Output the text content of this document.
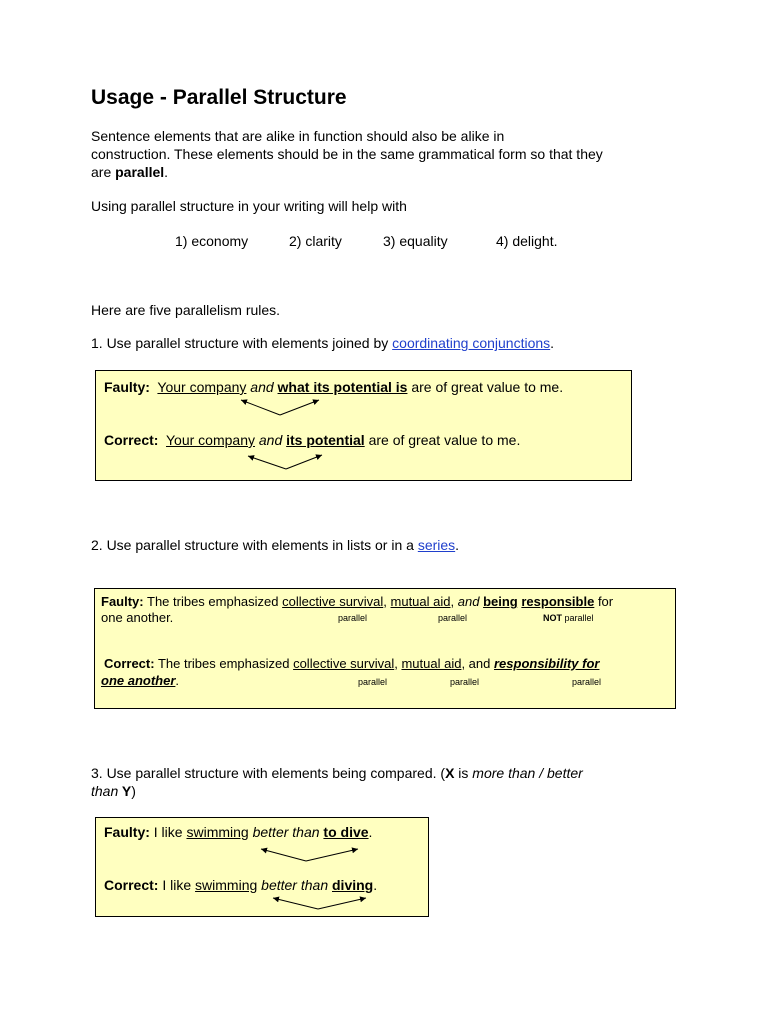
Usage - Parallel Structure
Sentence elements that are alike in function should also be alike in
construction. These elements should be in the same grammatical form so that they
are parallel.
Using parallel structure in your writing will help with
1) economy	2) clarity	3) equality	4) delight.
Here are five parallelism rules.
1. Use parallel structure with elements joined by coordinating conjunctions.
Faulty: Your company and what its potential is are of great value to me.
Correct: Your company and its potential are of great value to me.
2. Use parallel structure with elements in lists or in a series.
Faulty: The tribes emphasized collective survival, mutual aid, and being responsible for
one another.	parallel	parallel	NOT parallel
Correct: The tribes emphasized collective survival, mutual aid, and responsibility for
one another.	parallel	parallel	parallel
3. Use parallel structure with elements being compared. (X is more than / better
than Y)
Faulty: I like swimming better than to dive.
Correct: I like swimming better than diving.
